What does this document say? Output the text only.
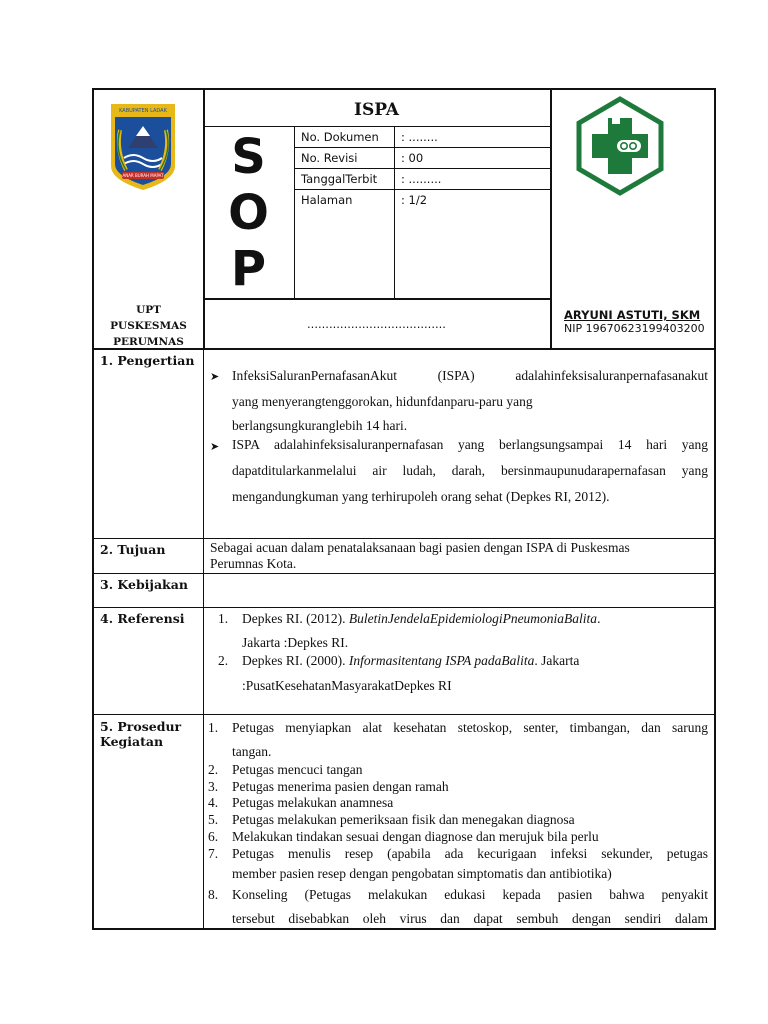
KABUPATEN LADAK
ANAR BURAH MAPAT
UPT
PUSKESMAS
PERUMNAS
ISPA
S
O
P
No. Dokumen : ........
No. Revisi	: 00
TanggalTerbit : .........
Halaman	: 1/2
......................................
ARYUNI ASTUTI, SKM
NIP 19670623199403200
1. Pengertian
➤ InfeksiSaluranPernafasanAkut (ISPA) adalahinfeksisaluranpernafasanakut
yang menyerangtenggorokan, hidunfdanparu-paru yang
berlangsungkuranglebih 14 hari.
➤ ISPA adalahinfeksisaluranpernafasan yang berlangsungsampai 14 hari yang
dapatditularkanmelalui air ludah, darah, bersinmaupunudarapernafasan yang
mengandungkuman yang terhirupoleh orang sehat (Depkes RI, 2012).
2. Tujuan	Sebagai acuan dalam penatalaksanaan bagi pasien dengan ISPA di Puskesmas
Perumnas Kota.
3. Kebijakan
4. Referensi 1. Depkes RI. (2012). BuletinJendelaEpidemiologiPneumoniaBalita.
Jakarta :Depkes RI.
2. Depkes RI. (2000). Informasitentang ISPA padaBalita. Jakarta
:PusatKesehatanMasyarakatDepkes RI
5. Prosedur
Kegiatan
1. Petugas menyiapkan alat kesehatan stetoskop, senter, timbangan, dan sarung
tangan.
2. Petugas mencuci tangan
3. Petugas menerima pasien dengan ramah
4. Petugas melakukan anamnesa
5. Petugas melakukan pemeriksaan fisik dan menegakan diagnosa
6. Melakukan tindakan sesuai dengan diagnose dan merujuk bila perlu
7. Petugas menulis resep (apabila ada kecurigaan infeksi sekunder, petugas
member pasien resep dengan pengobatan simptomatis dan antibiotika)
8. Konseling (Petugas melakukan edukasi kepada pasien bahwa penyakit
tersebut disebabkan oleh virus dan dapat sembuh dengan sendiri dalam
